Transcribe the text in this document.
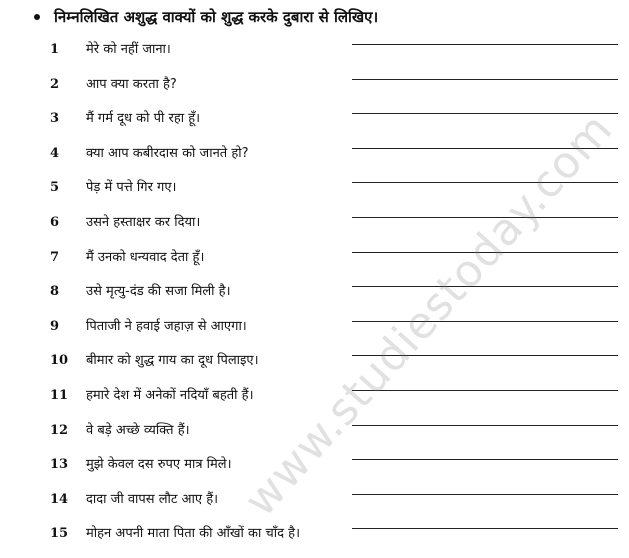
निम्नलिखित अशुद्ध वाक्यों को शुद्ध करके दुबारा से लिखिए।
1	मेरे को नहीं जाना।
2	आप क्या करता है?
3	मैं गर्म दूध को पी रहा हूँ।
4	क्या आप कबीरदास को जानते हो?
5	पेड़ में पत्ते गिर गए।
6	उसने हस्ताक्षर कर दिया।
7	मैं उनको धन्यवाद देता हूँ।
8	उसे मृत्यु-दंड की सजा मिली है।
9	पिताजी ने हवाई जहाज़ से आएगा।
10	बीमार को शुद्ध गाय का दूध पिलाइए।
11	हमारे देश में अनेकों नदियाँ बहती हैं।
12	वे बड़े अच्छे व्यक्ति हैं।
13	मुझे केवल दस रुपए मात्र मिले।
14	दादा जी वापस लौट आए हैं।
15	मोहन अपनी माता पिता की आँखों का चाँद है।
www.studiestoday.com
